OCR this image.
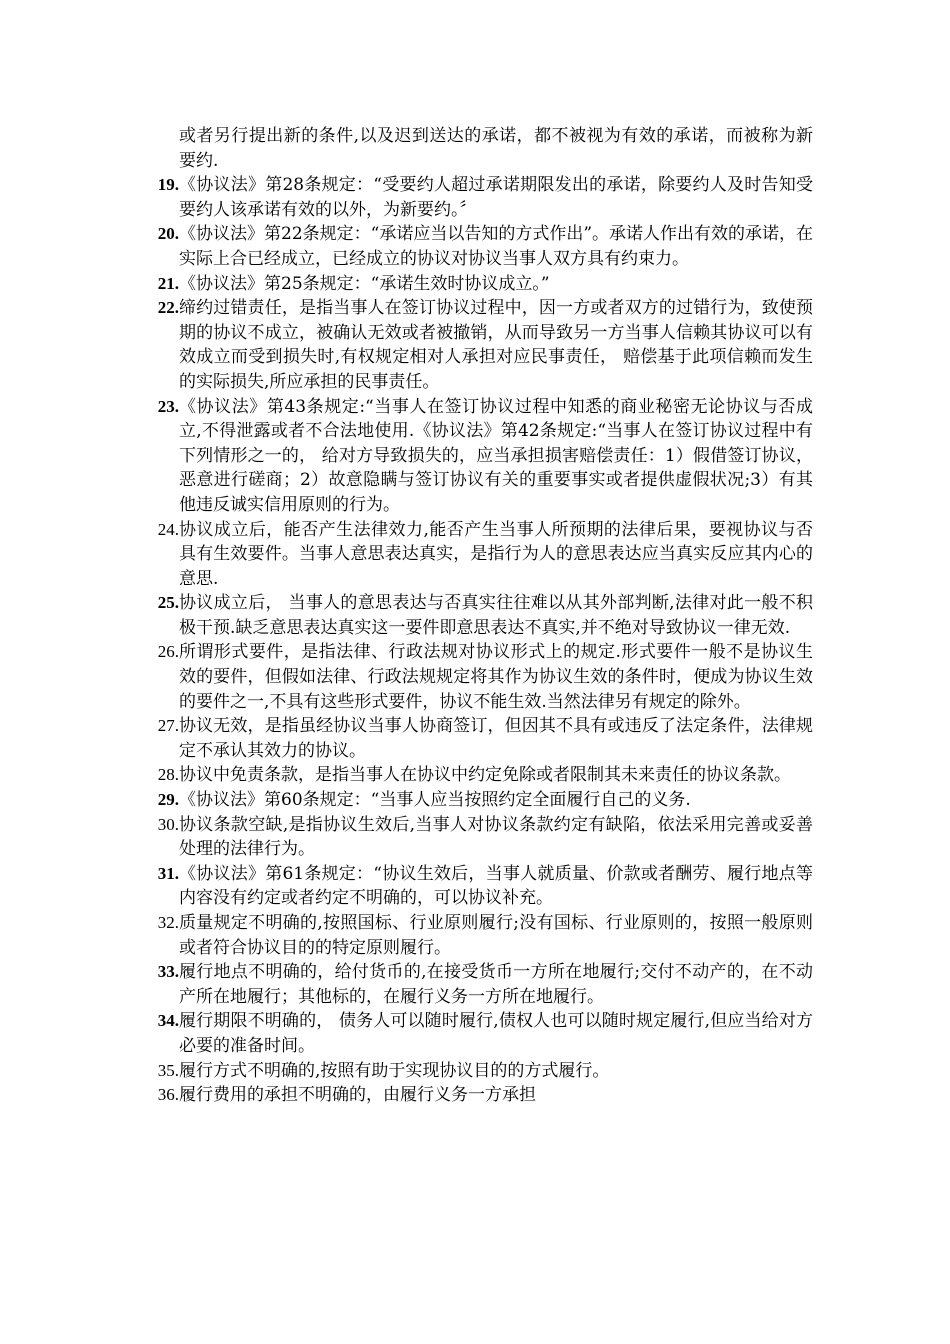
或者另行提出新的条件,以及迟到送达的承诺，都不被视为有效的承诺，而被称为新要约.
19. 《协议法》第28条规定：“受要约人超过承诺期限发出的承诺，除要约人及时告知受要约人该承诺有效的以外，为新要约。〞
20. 《协议法》第22条规定：“承诺应当以告知的方式作出”。承诺人作出有效的承诺，在实际上合已经成立，已经成立的协议对协议当事人双方具有约束力。
21. 《协议法》第25条规定：“承诺生效时协议成立。”
22. 缔约过错责任，是指当事人在签订协议过程中，因一方或者双方的过错行为，致使预期的协议不成立，被确认无效或者被撤销，从而导致另一方当事人信赖其协议可以有效成立而受到损失时,有权规定相对人承担对应民事责任， 赔偿基于此项信赖而发生的实际损失,所应承担的民事责任。
23. 《协议法》第43条规定:“当事人在签订协议过程中知悉的商业秘密无论协议与否成立,不得泄露或者不合法地使用.《协议法》第42条规定:“当事人在签订协议过程中有下列情形之一的， 给对方导致损失的，应当承担损害赔偿责任：1）假借签订协议，恶意进行磋商；2）故意隐瞒与签订协议有关的重要事实或者提供虚假状况;3）有其他违反诚实信用原则的行为。
24. 协议成立后，能否产生法律效力,能否产生当事人所预期的法律后果，要视协议与否具有生效要件。当事人意思表达真实，是指行为人的意思表达应当真实反应其内心的意思.
25. 协议成立后， 当事人的意思表达与否真实往往难以从其外部判断,法律对此一般不积极干预.缺乏意思表达真实这一要件即意思表达不真实,并不绝对导致协议一律无效.
26. 所谓形式要件，是指法律、行政法规对协议形式上的规定.形式要件一般不是协议生效的要件，但假如法律、行政法规规定将其作为协议生效的条件时，便成为协议生效的要件之一,不具有这些形式要件，协议不能生效.当然法律另有规定的除外。
27. 协议无效，是指虽经协议当事人协商签订，但因其不具有或违反了法定条件，法律规定不承认其效力的协议。
28. 协议中免责条款，是指当事人在协议中约定免除或者限制其未来责任的协议条款。
29. 《协议法》第60条规定：“当事人应当按照约定全面履行自己的义务.
30. 协议条款空缺,是指协议生效后,当事人对协议条款约定有缺陷，依法采用完善或妥善处理的法律行为。
31. 《协议法》第61条规定：“协议生效后，当事人就质量、价款或者酬劳、履行地点等内容没有约定或者约定不明确的，可以协议补充。
32. 质量规定不明确的,按照国标、行业原则履行;没有国标、行业原则的，按照一般原则或者符合协议目的的特定原则履行。
33. 履行地点不明确的，给付货币的,在接受货币一方所在地履行;交付不动产的，在不动产所在地履行；其他标的，在履行义务一方所在地履行。
34. 履行期限不明确的， 债务人可以随时履行,债权人也可以随时规定履行,但应当给对方必要的准备时间。
35. 履行方式不明确的,按照有助于实现协议目的的方式履行。
36. 履行费用的承担不明确的，由履行义务一方承担
